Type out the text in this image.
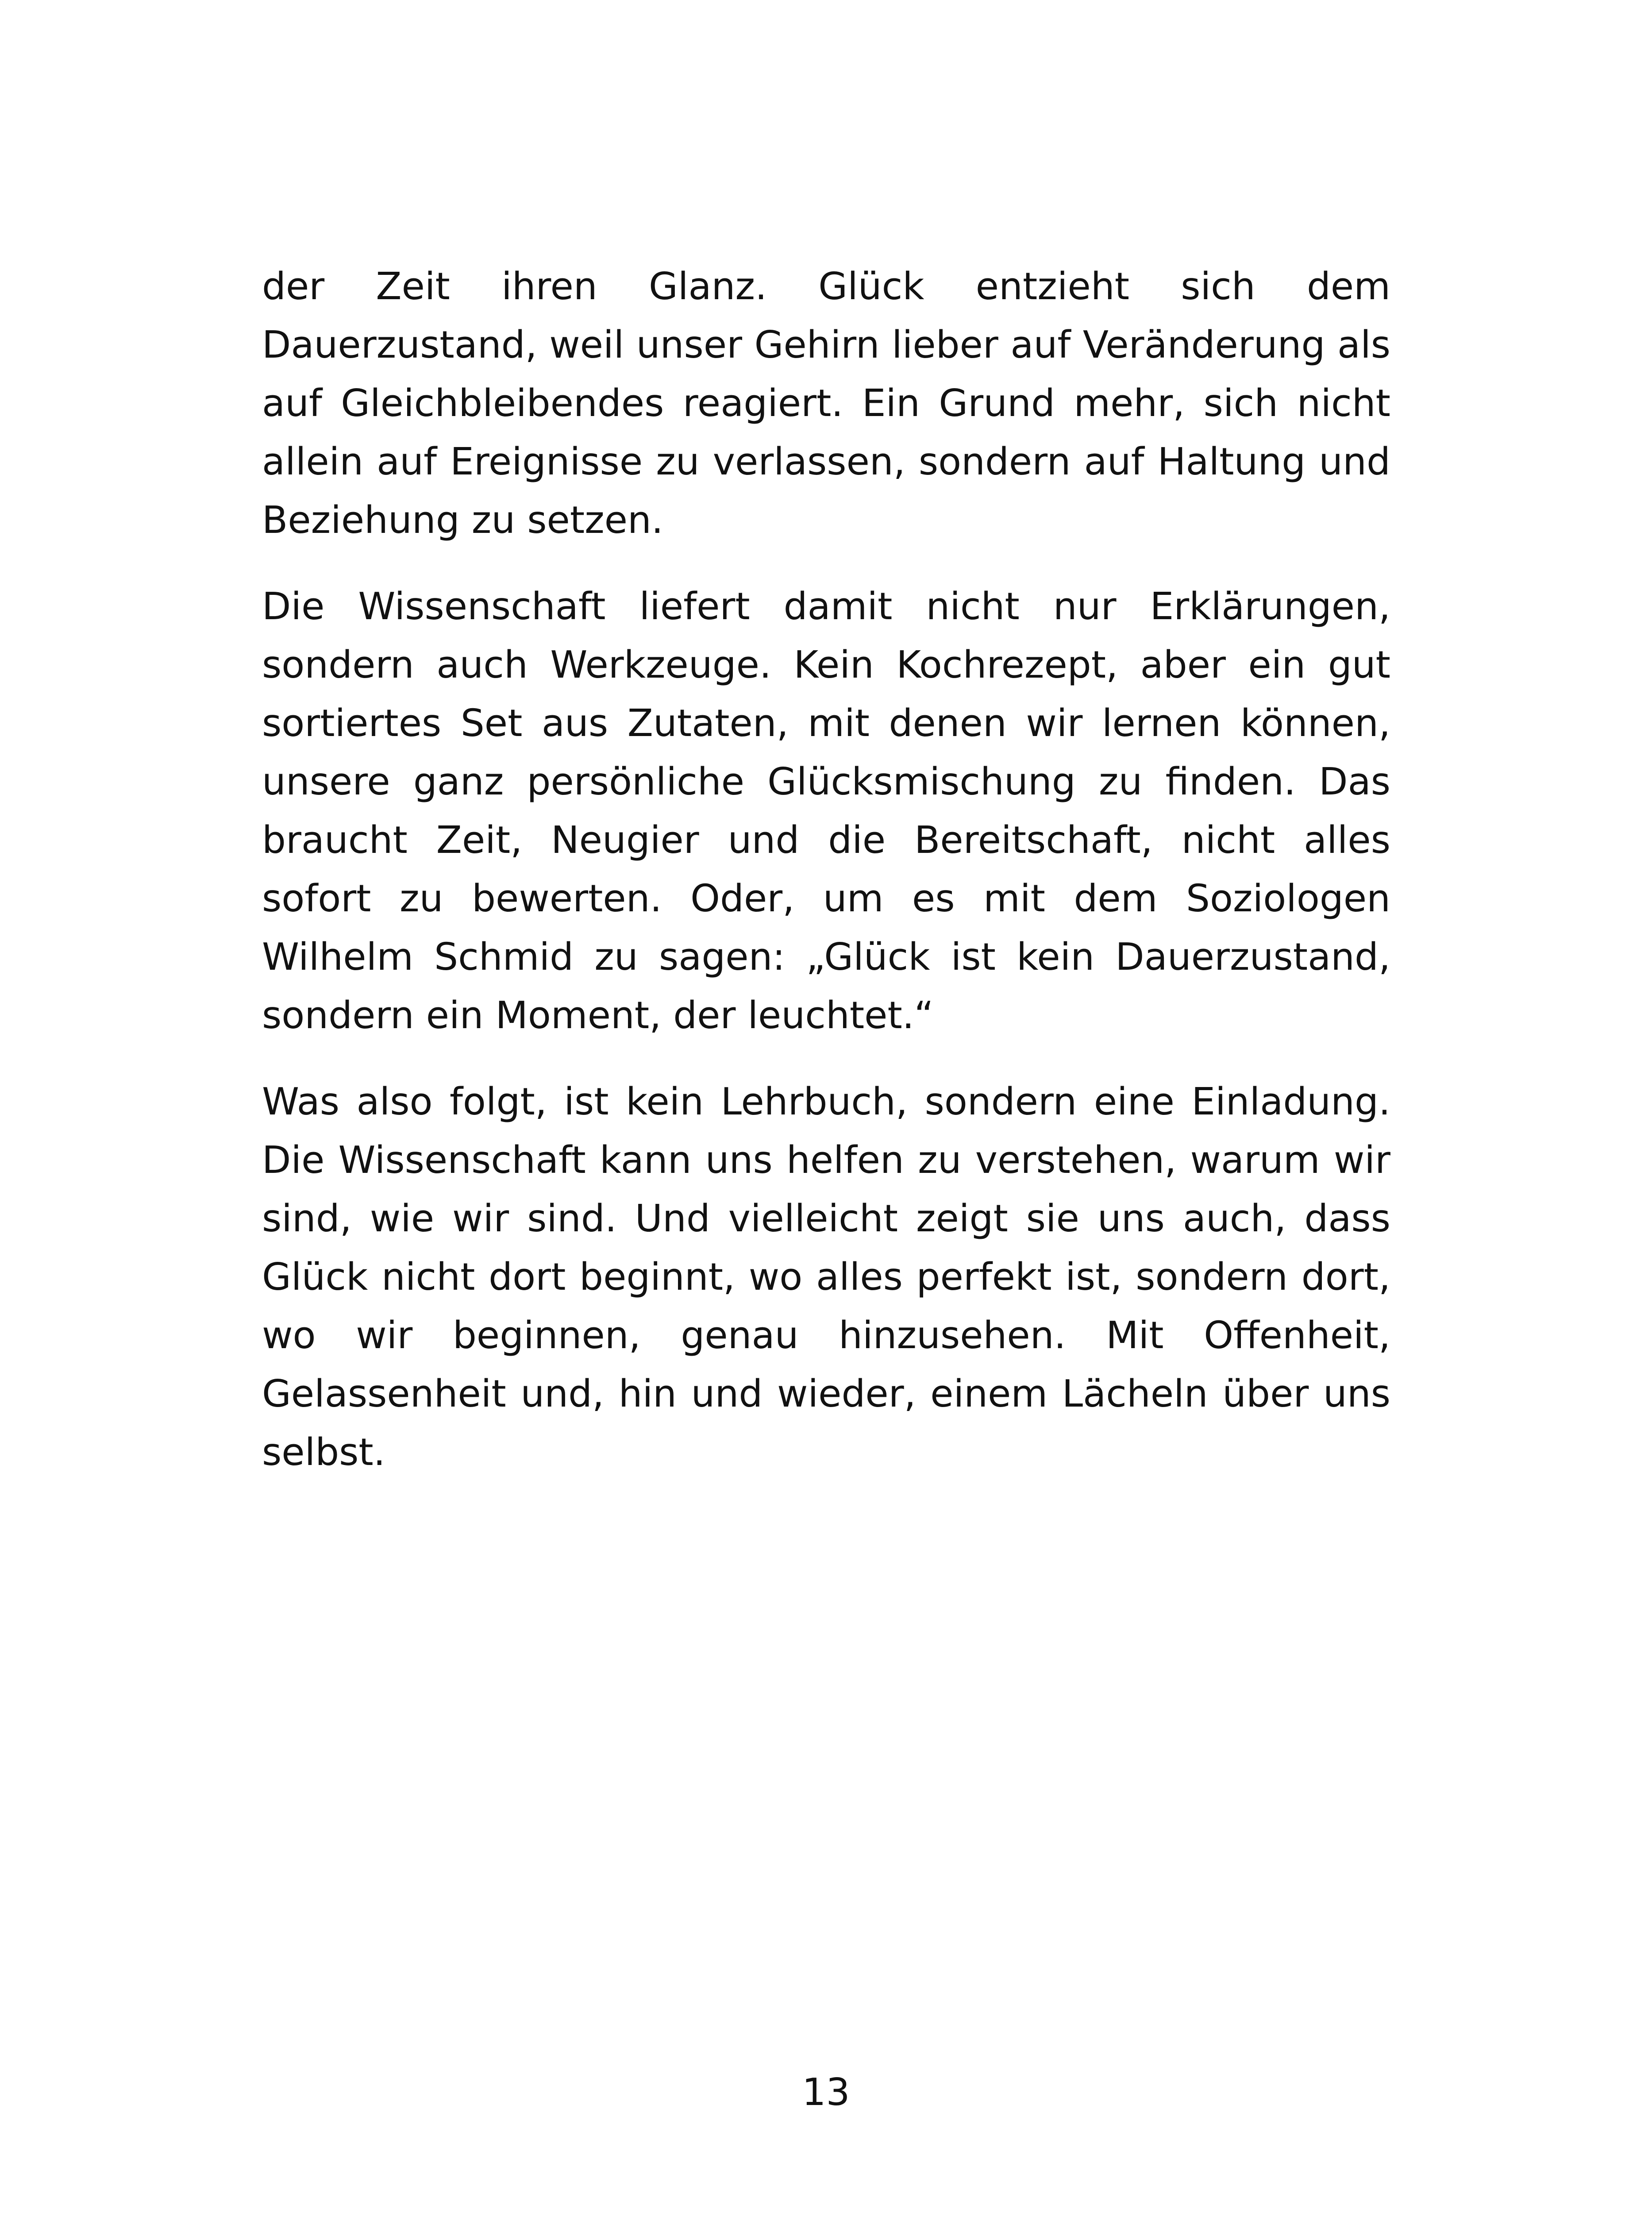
der Zeit ihren Glanz. Glück entzieht sich dem Dauerzustand, weil unser Gehirn lieber auf Veränderung als auf Gleichbleibendes reagiert. Ein Grund mehr, sich nicht allein auf Ereignisse zu verlassen, sondern auf Haltung und Beziehung zu setzen.

Die Wissenschaft liefert damit nicht nur Erklärungen, sondern auch Werkzeuge. Kein Kochrezept, aber ein gut sortiertes Set aus Zutaten, mit denen wir lernen können, unsere ganz persönliche Glücksmischung zu finden. Das braucht Zeit, Neugier und die Bereitschaft, nicht alles sofort zu bewerten. Oder, um es mit dem Soziologen Wilhelm Schmid zu sagen: „Glück ist kein Dauerzustand, sondern ein Moment, der leuchtet.“

Was also folgt, ist kein Lehrbuch, sondern eine Einladung. Die Wissenschaft kann uns helfen zu verstehen, warum wir sind, wie wir sind. Und vielleicht zeigt sie uns auch, dass Glück nicht dort beginnt, wo alles perfekt ist, sondern dort, wo wir beginnen, genau hinzusehen. Mit Offenheit, Gelassenheit und, hin und wieder, einem Lächeln über uns selbst.

13
